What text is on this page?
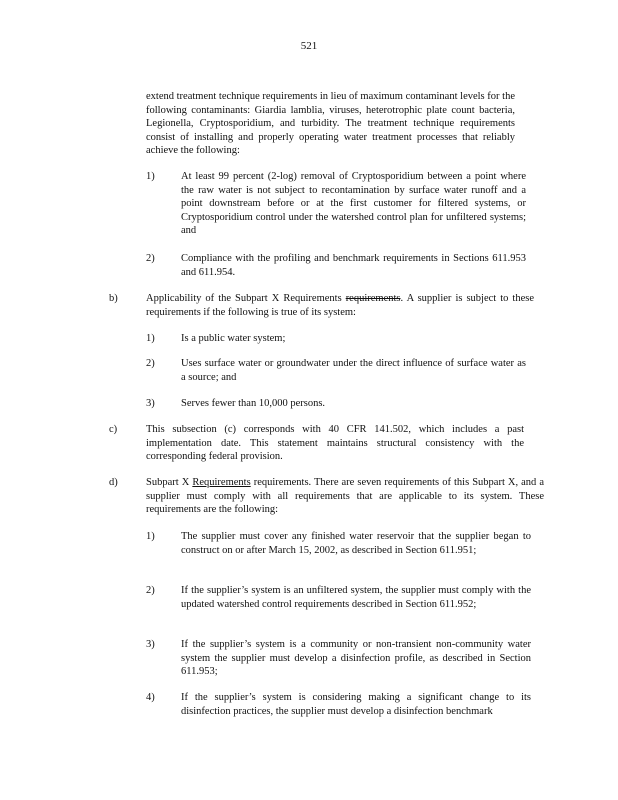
521
extend treatment technique requirements in lieu of maximum contaminant levels for the following contaminants: Giardia lamblia, viruses, heterotrophic plate count bacteria, Legionella, Cryptosporidium, and turbidity. The treatment technique requirements consist of installing and properly operating water treatment processes that reliably achieve the following:
1)	At least 99 percent (2-log) removal of Cryptosporidium between a point where the raw water is not subject to recontamination by surface water runoff and a point downstream before or at the first customer for filtered systems, or Cryptosporidium control under the watershed control plan for unfiltered systems; and
2)	Compliance with the profiling and benchmark requirements in Sections 611.953 and 611.954.
b)	Applicability of the Subpart X Requirements requirements. A supplier is subject to these requirements if the following is true of its system:
1)	Is a public water system;
2)	Uses surface water or groundwater under the direct influence of surface water as a source; and
3)	Serves fewer than 10,000 persons.
c)	This subsection (c) corresponds with 40 CFR 141.502, which includes a past implementation date. This statement maintains structural consistency with the corresponding federal provision.
d)	Subpart X Requirements requirements. There are seven requirements of this Subpart X, and a supplier must comply with all requirements that are applicable to its system. These requirements are the following:
1)	The supplier must cover any finished water reservoir that the supplier began to construct on or after March 15, 2002, as described in Section 611.951;
2)	If the supplier’s system is an unfiltered system, the supplier must comply with the updated watershed control requirements described in Section 611.952;
3)	If the supplier’s system is a community or non-transient non-community water system the supplier must develop a disinfection profile, as described in Section 611.953;
4)	If the supplier’s system is considering making a significant change to its disinfection practices, the supplier must develop a disinfection benchmark
